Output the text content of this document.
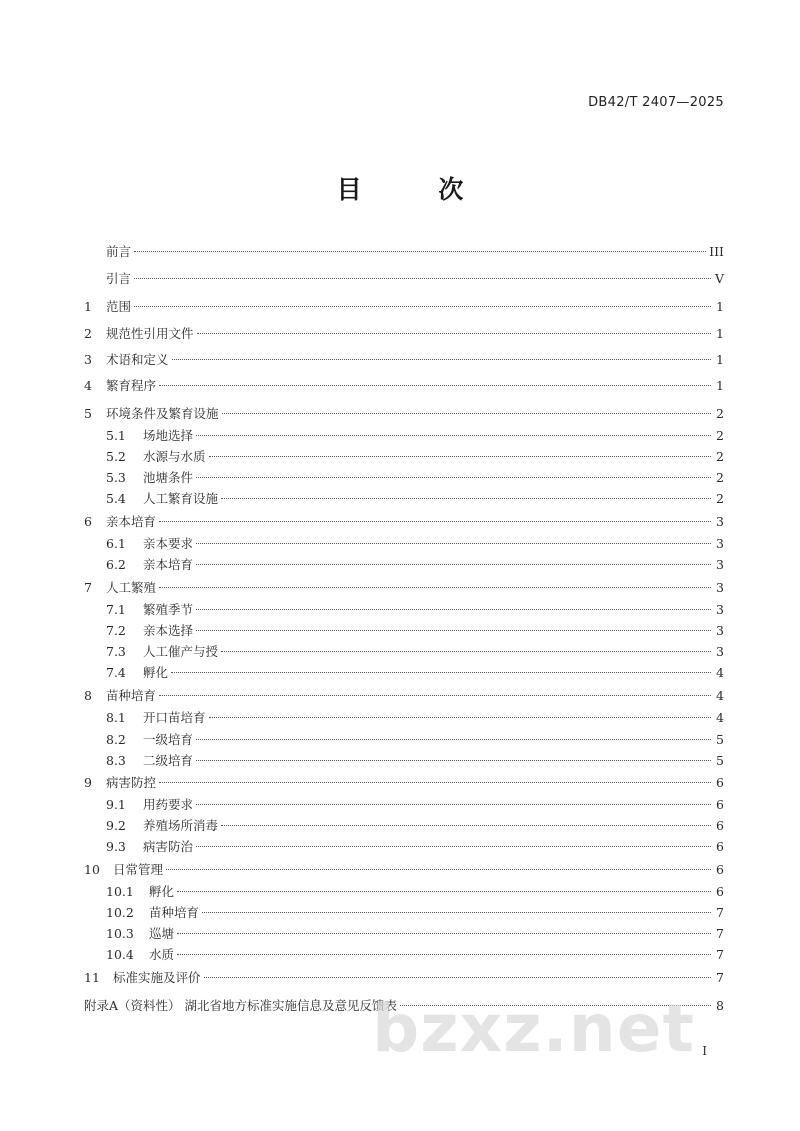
DB42/T 2407—2025
目 次
前言	III
引言	V
1	范围	1
2	规范性引用文件	1
3	术语和定义	1
4	繁育程序	1
5	环境条件及繁育设施	2
5.1	场地选择	2
5.2	水源与水质	2
5.3	池塘条件	2
5.4	人工繁育设施	2
6	亲本培育	3
6.1	亲本要求	3
6.2	亲本培育	3
7	人工繁殖	3
7.1	繁殖季节	3
7.2	亲本选择	3
7.3	人工催产与授	3
7.4	孵化	4
8	苗种培育	4
8.1	开口苗培育	4
8.2	一级培育	5
8.3	二级培育	5
9	病害防控	6
9.1	用药要求	6
9.2	养殖场所消毒	6
9.3	病害防治	6
10	日常管理	6
10.1	孵化	6
10.2	苗种培育	7
10.3	巡塘	7
10.4	水质	7
11	标准实施及评价	7
附录A（资料性） 湖北省地方标准实施信息及意见反馈表	8
I
bzxz.net
